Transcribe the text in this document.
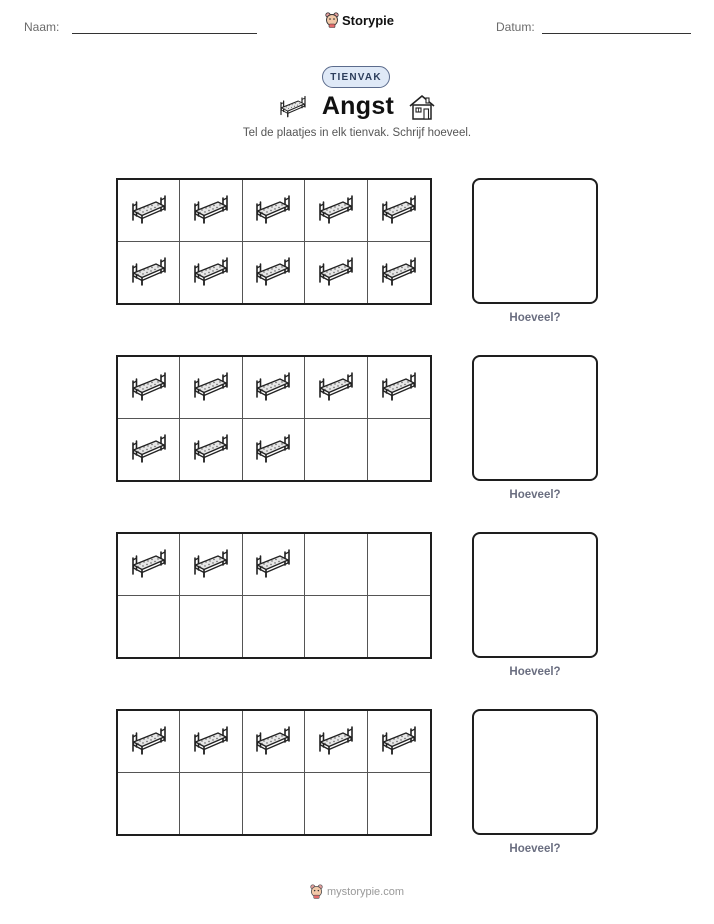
Naam:	Storypie	Datum:
TIENVAK
Angst
Tel de plaatjes in elk tienvak. Schrijf hoeveel.
Hoeveel?
Hoeveel?
Hoeveel?
Hoeveel?
mystorypie.com
